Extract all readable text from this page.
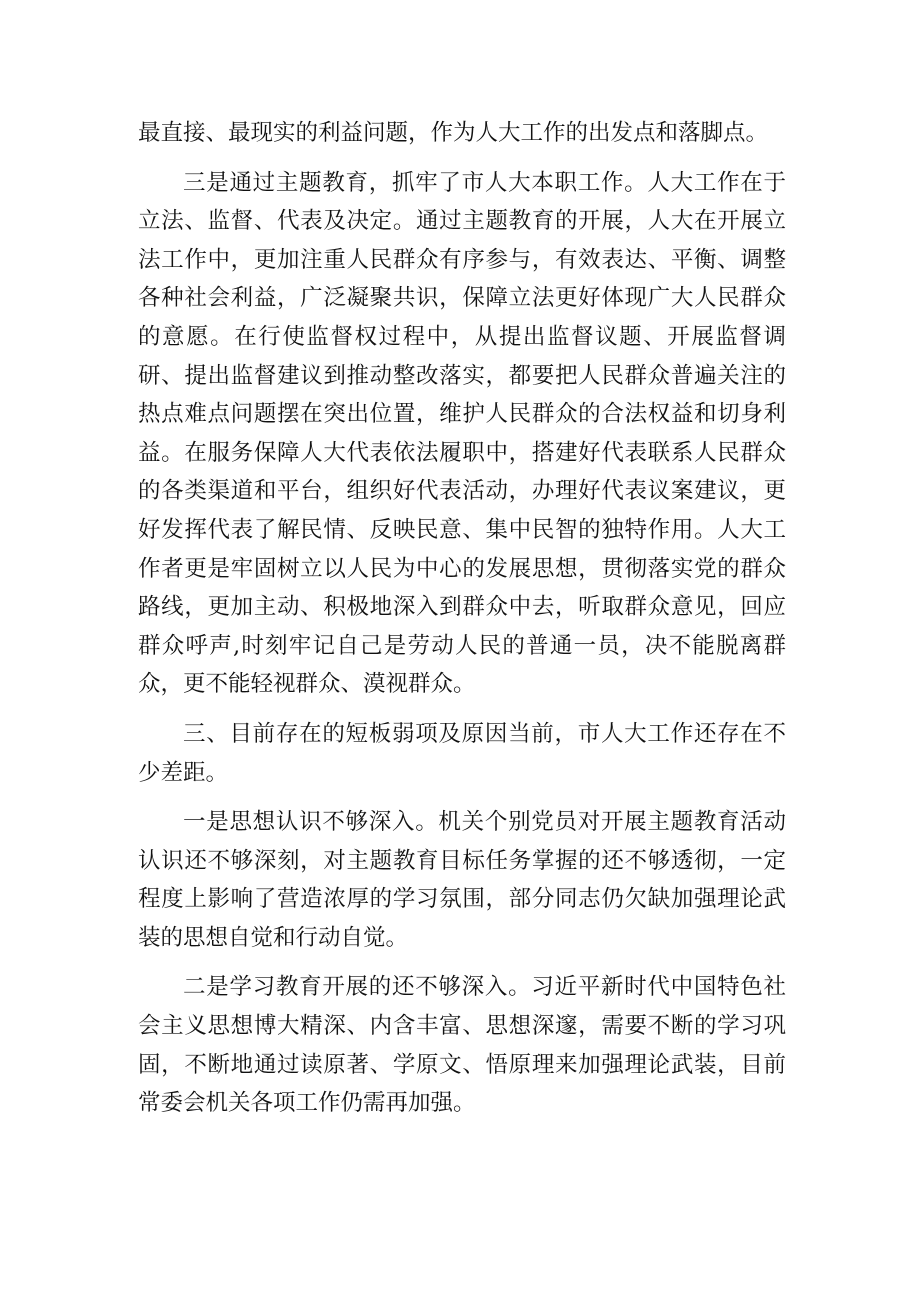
最直接、最现实的利益问题，作为人大工作的出发点和落脚点。

三是通过主题教育，抓牢了市人大本职工作。人大工作在于立法、监督、代表及决定。通过主题教育的开展，人大在开展立法工作中，更加注重人民群众有序参与，有效表达、平衡、调整各种社会利益，广泛凝聚共识，保障立法更好体现广大人民群众的意愿。在行使监督权过程中，从提出监督议题、开展监督调研、提出监督建议到推动整改落实，都要把人民群众普遍关注的热点难点问题摆在突出位置，维护人民群众的合法权益和切身利益。在服务保障人大代表依法履职中，搭建好代表联系人民群众的各类渠道和平台，组织好代表活动，办理好代表议案建议，更好发挥代表了解民情、反映民意、集中民智的独特作用。人大工作者更是牢固树立以人民为中心的发展思想，贯彻落实党的群众路线，更加主动、积极地深入到群众中去，听取群众意见，回应群众呼声,时刻牢记自己是劳动人民的普通一员，决不能脱离群众，更不能轻视群众、漠视群众。

三、目前存在的短板弱项及原因当前，市人大工作还存在不少差距。

一是思想认识不够深入。机关个别党员对开展主题教育活动认识还不够深刻，对主题教育目标任务掌握的还不够透彻，一定程度上影响了营造浓厚的学习氛围，部分同志仍欠缺加强理论武装的思想自觉和行动自觉。

二是学习教育开展的还不够深入。习近平新时代中国特色社会主义思想博大精深、内含丰富、思想深邃，需要不断的学习巩固，不断地通过读原著、学原文、悟原理来加强理论武装，目前常委会机关各项工作仍需再加强。
